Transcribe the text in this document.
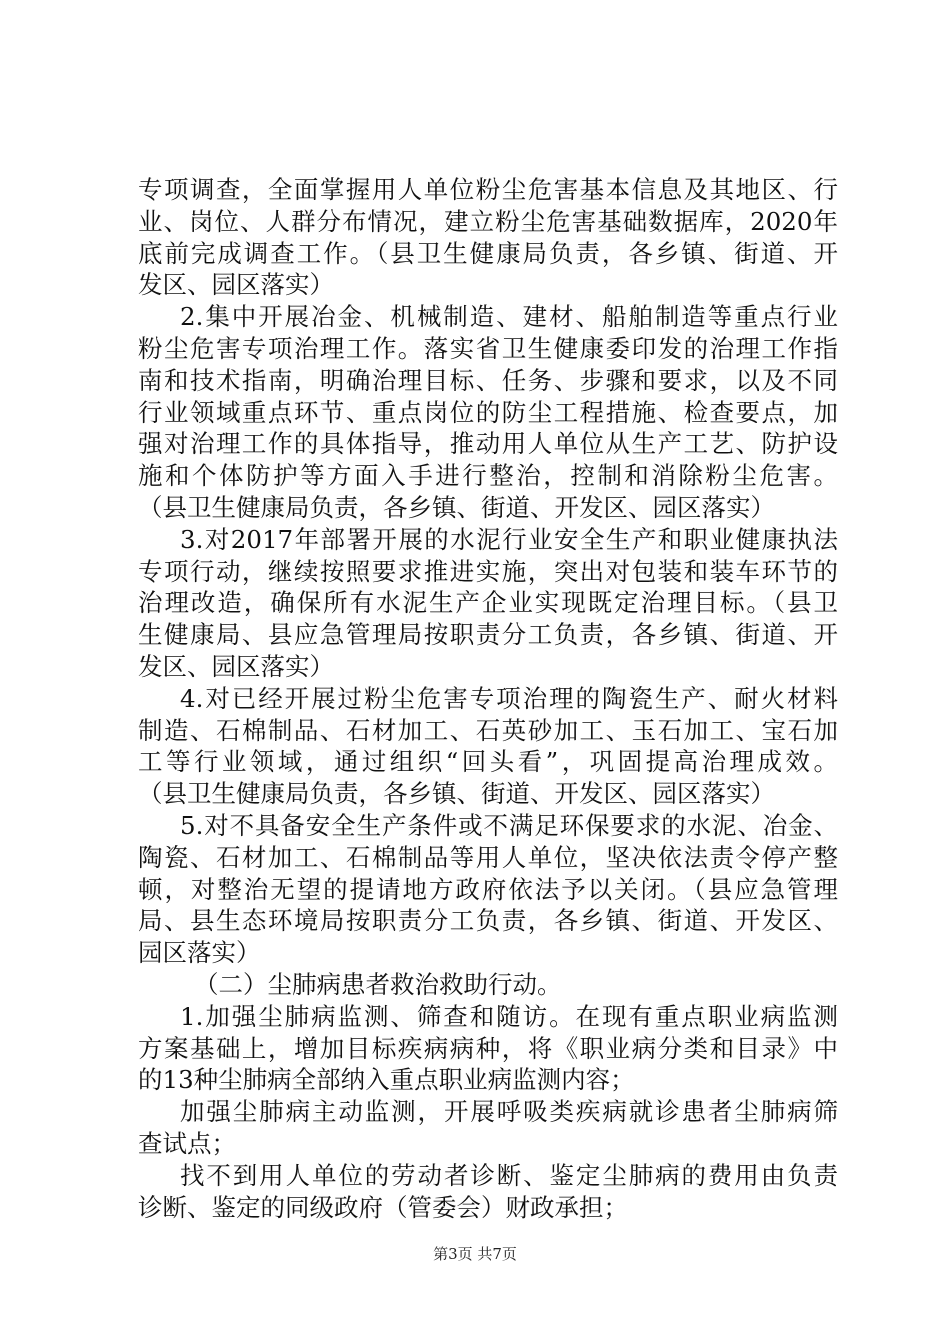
专项调查，全面掌握用人单位粉尘危害基本信息及其地区、行
业、岗位、人群分布情况，建立粉尘危害基础数据库，2020年
底前完成调查工作。（县卫生健康局负责，各乡镇、街道、开
发区、园区落实）
2.集中开展冶金、机械制造、建材、船舶制造等重点行业
粉尘危害专项治理工作。落实省卫生健康委印发的治理工作指
南和技术指南，明确治理目标、任务、步骤和要求，以及不同
行业领域重点环节、重点岗位的防尘工程措施、检查要点，加
强对治理工作的具体指导，推动用人单位从生产工艺、防护设
施和个体防护等方面入手进行整治，控制和消除粉尘危害。
（县卫生健康局负责，各乡镇、街道、开发区、园区落实）
3.对2017年部署开展的水泥行业安全生产和职业健康执法
专项行动，继续按照要求推进实施，突出对包装和装车环节的
治理改造，确保所有水泥生产企业实现既定治理目标。（县卫
生健康局、县应急管理局按职责分工负责，各乡镇、街道、开
发区、园区落实）
4.对已经开展过粉尘危害专项治理的陶瓷生产、耐火材料
制造、石棉制品、石材加工、石英砂加工、玉石加工、宝石加
工等行业领域，通过组织“回头看”，巩固提高治理成效。
（县卫生健康局负责，各乡镇、街道、开发区、园区落实）
5.对不具备安全生产条件或不满足环保要求的水泥、冶金、
陶瓷、石材加工、石棉制品等用人单位，坚决依法责令停产整
顿，对整治无望的提请地方政府依法予以关闭。（县应急管理
局、县生态环境局按职责分工负责，各乡镇、街道、开发区、
园区落实）
（二）尘肺病患者救治救助行动。
1.加强尘肺病监测、筛查和随访。在现有重点职业病监测
方案基础上，增加目标疾病病种，将《职业病分类和目录》中
的13种尘肺病全部纳入重点职业病监测内容；
加强尘肺病主动监测，开展呼吸类疾病就诊患者尘肺病筛
查试点；
找不到用人单位的劳动者诊断、鉴定尘肺病的费用由负责
诊断、鉴定的同级政府（管委会）财政承担；
第3页 共7页
